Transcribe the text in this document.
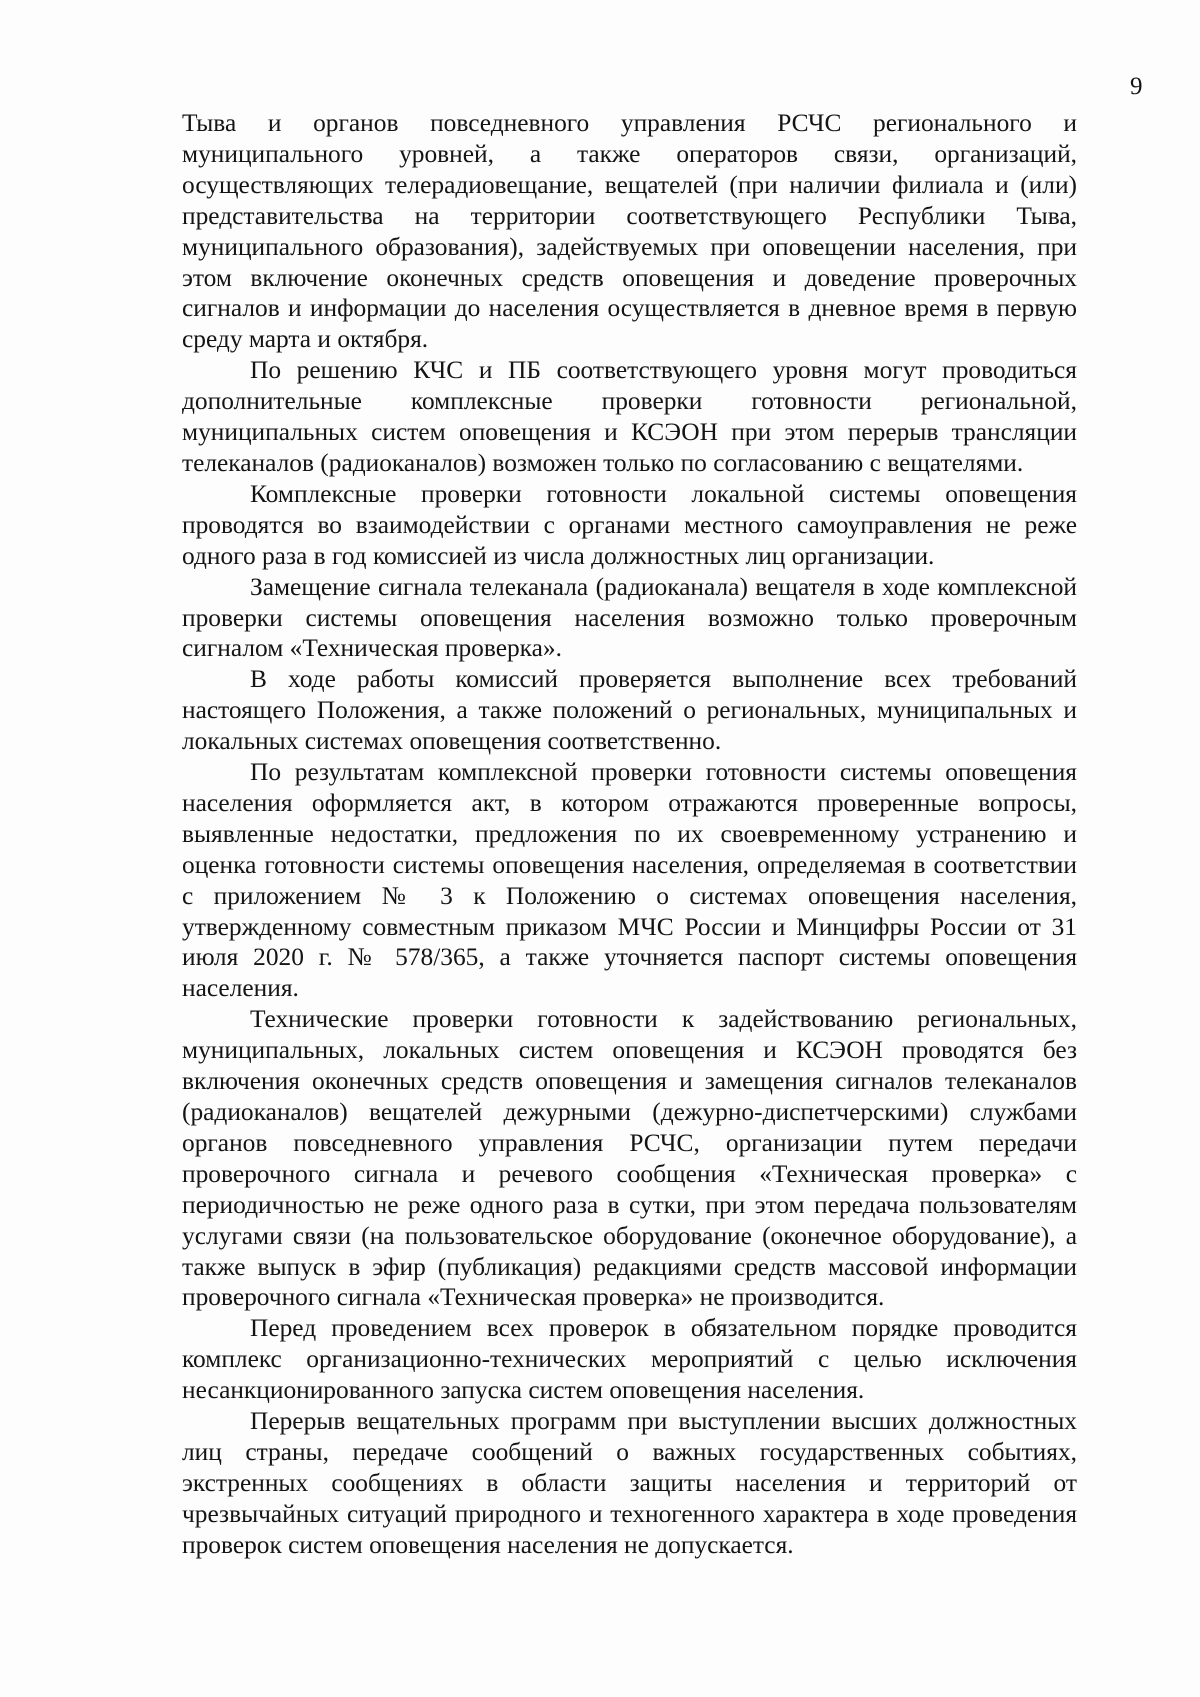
9

Тыва и органов повседневного управления РСЧС регионального и муниципального уровней, а также операторов связи, организаций, осуществляющих телерадиовещание, вещателей (при наличии филиала и (или) представительства на территории соответствующего Республики Тыва, муниципального образования), задействуемых при оповещении населения, при этом включение оконечных средств оповещения и доведение проверочных сигналов и информации до населения осуществляется в дневное время в первую среду марта и октября.

По решению КЧС и ПБ соответствующего уровня могут проводиться дополнительные комплексные проверки готовности региональной, муниципальных систем оповещения и КСЭОН при этом перерыв трансляции телеканалов (радиоканалов) возможен только по согласованию с вещателями.

Комплексные проверки готовности локальной системы оповещения проводятся во взаимодействии с органами местного самоуправления не реже одного раза в год комиссией из числа должностных лиц организации.

Замещение сигнала телеканала (радиоканала) вещателя в ходе комплексной проверки системы оповещения населения возможно только проверочным сигналом «Техническая проверка».

В ходе работы комиссий проверяется выполнение всех требований настоящего Положения, а также положений о региональных, муниципальных и локальных системах оповещения соответственно.

По результатам комплексной проверки готовности системы оповещения населения оформляется акт, в котором отражаются проверенные вопросы, выявленные недостатки, предложения по их своевременному устранению и оценка готовности системы оповещения населения, определяемая в соответствии с приложением № 3 к Положению о системах оповещения населения, утвержденному совместным приказом МЧС России и Минцифры России от 31 июля 2020 г. № 578/365, а также уточняется паспорт системы оповещения населения.

Технические проверки готовности к задействованию региональных, муниципальных, локальных систем оповещения и КСЭОН проводятся без включения оконечных средств оповещения и замещения сигналов телеканалов (радиоканалов) вещателей дежурными (дежурно-диспетчерскими) службами органов повседневного управления РСЧС, организации путем передачи проверочного сигнала и речевого сообщения «Техническая проверка» с периодичностью не реже одного раза в сутки, при этом передача пользователям услугами связи (на пользовательское оборудование (оконечное оборудование), а также выпуск в эфир (публикация) редакциями средств массовой информации проверочного сигнала «Техническая проверка» не производится.

Перед проведением всех проверок в обязательном порядке проводится комплекс организационно-технических мероприятий с целью исключения несанкционированного запуска систем оповещения населения.

Перерыв вещательных программ при выступлении высших должностных лиц страны, передаче сообщений о важных государственных событиях, экстренных сообщениях в области защиты населения и территорий от чрезвычайных ситуаций природного и техногенного характера в ходе проведения проверок систем оповещения населения не допускается.
